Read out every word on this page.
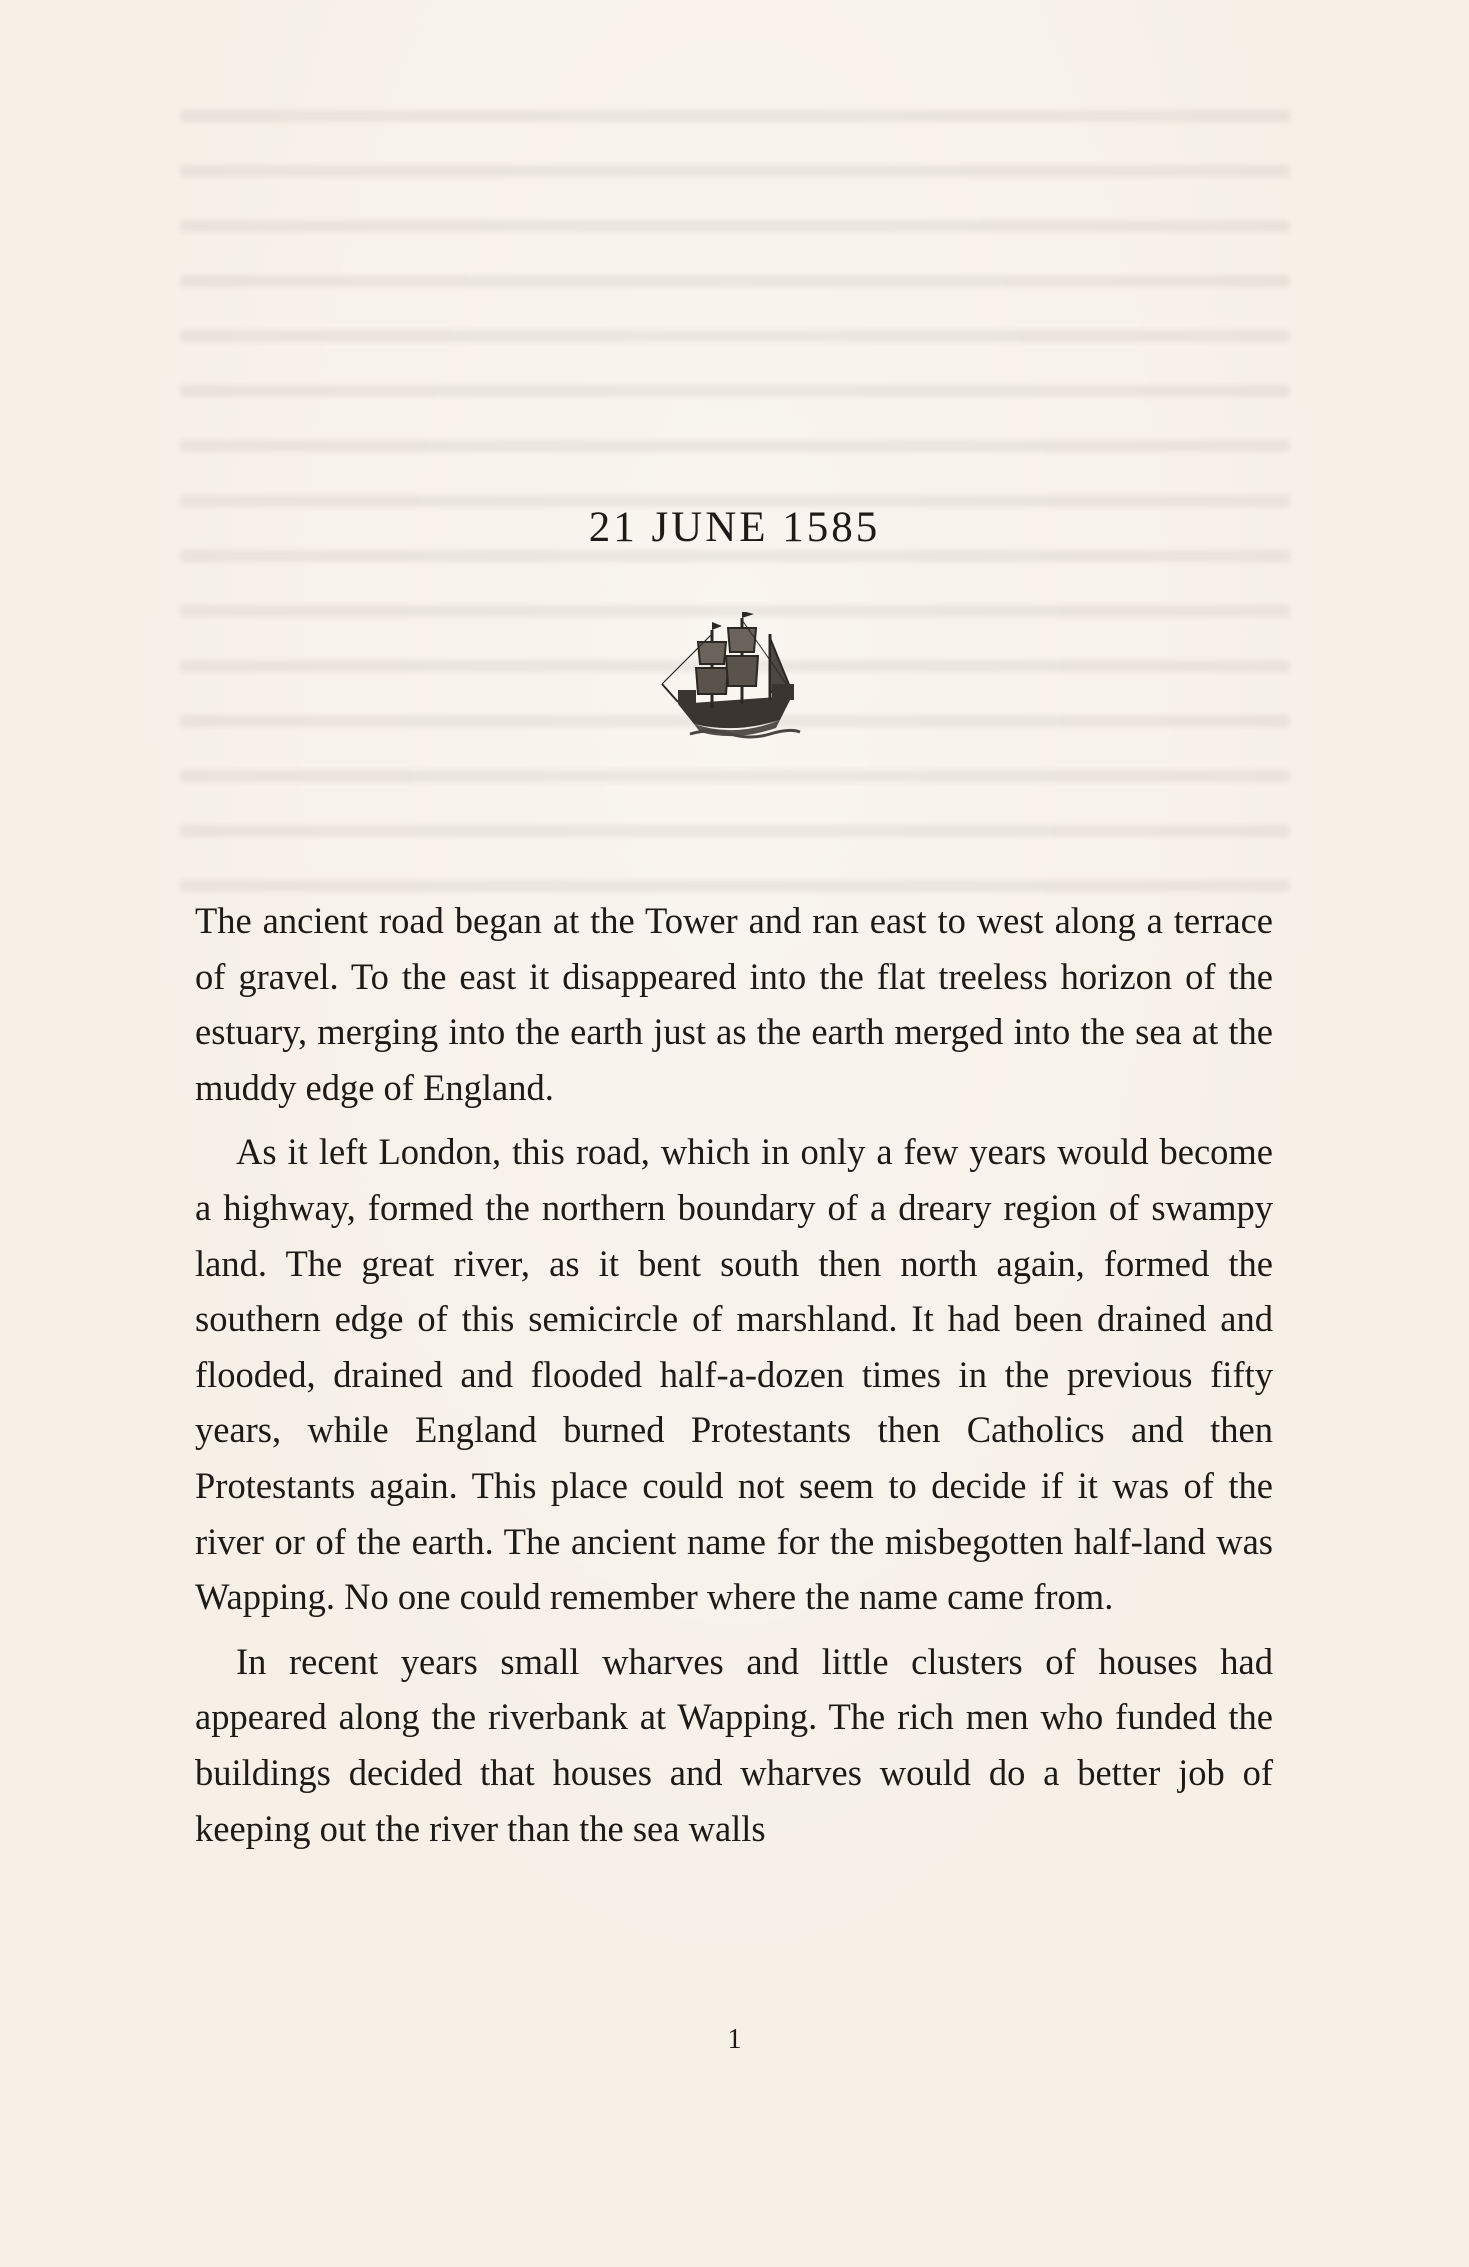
21 JUNE 1585

The ancient road began at the Tower and ran east to west along a terrace of gravel. To the east it disappeared into the flat treeless horizon of the estuary, merging into the earth just as the earth merged into the sea at the muddy edge of England.

As it left London, this road, which in only a few years would become a highway, formed the northern boundary of a dreary region of swampy land. The great river, as it bent south then north again, formed the southern edge of this semicircle of marshland. It had been drained and flooded, drained and flooded half-a-dozen times in the previous fifty years, while England burned Protestants then Catholics and then Protestants again. This place could not seem to decide if it was of the river or of the earth. The ancient name for the misbegotten half-land was Wapping. No one could remember where the name came from.

In recent years small wharves and little clusters of houses had appeared along the riverbank at Wapping. The rich men who funded the buildings decided that houses and wharves would do a better job of keeping out the river than the sea walls

1
